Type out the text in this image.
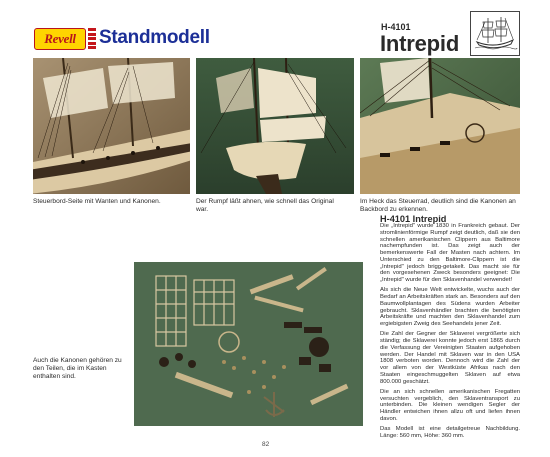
Revell Standmodell	H-4101
Intrepid
Steuerbord-Seite mit Wanten und Kanonen.	Der Rumpf läßt ahnen, wie schnell das Original war.
Im Heck das Steuerrad, deutlich sind die Kanonen an Backbord zu erkennen.
H-4101 Intrepid

Die „Intrepid" wurde 1830 in Frankreich gebaut. Der stromlinienförmige Rumpf zeigt deutlich, daß sie den schnellen amerikanischen Clippern aus Baltimore nachempfunden ist. Das zeigt auch der bemerkenswerte Fall der Masten nach achtern. Im Unterschied zu den Baltimore-Clippern ist die „Intrepid" jedoch brigg-getakelt. Das macht sie für den vorgesehenen Zweck besonders geeignet: Die „Intrepid" wurde für den Sklavenhandel verwendet!

Als sich die Neue Welt entwickelte, wuchs auch der Bedarf an Arbeitskräften stark an. Besonders auf den Baumwollplantagen des Südens wurden Arbeiter gebraucht. Sklavenhändler brachten die benötigten Arbeitskräfte und machten den Sklavenhandel zum ergiebigsten Zweig des Seehandels jener Zeit.

Die Zahl der Gegner der Sklaverei vergrößerte sich ständig; die Sklaverei konnte jedoch erst 1865 durch die Verfassung der Vereinigten Staaten aufgehoben werden. Der Handel mit Sklaven war in den USA 1808 verboten worden. Dennoch wird die Zahl der vor allem von der Westküste Afrikas nach den Staaten eingeschmuggelten Sklaven auf etwa 800.000 geschätzt.

Die an sich schnellen amerikanischen Fregatten versuchten vergeblich, den Sklaventransport zu unterbinden. Die kleinen wendigen Segler der Händler entwichen ihnen allzu oft und liefen ihnen davon.

Das Modell ist eine detailgetreue Nachbildung. Länge: 560 mm, Höhe: 360 mm.

Auch die Kanonen gehören zu den Teilen, die im Kasten enthalten sind.
82
